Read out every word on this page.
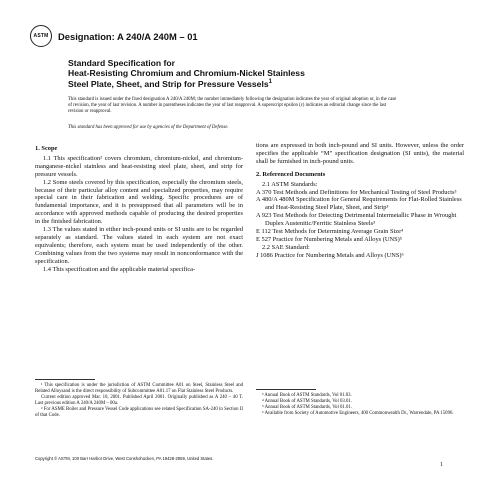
ASTM Designation: A 240/A 240M – 01
Standard Specification for
Heat-Resisting Chromium and Chromium-Nickel Stainless
Steel Plate, Sheet, and Strip for Pressure Vessels$^1$
This standard is issued under the fixed designation A 240/A 240M; the number immediately following the designation indicates the year of original adoption or, in the case of revision, the year of last revision. A number in parentheses indicates the year of last reapproval. A superscript epsilon (ε) indicates an editorial change since the last revision or reapproval.
This standard has been approved for use by agencies of the Department of Defense.
1. Scope

1.1 This specification² covers chromium, chromium-nickel, and chromium-manganese-nickel stainless and heat-resisting steel plate, sheet, and strip for pressure vessels.

1.2 Some steels covered by this specification, especially the chromium steels, because of their particular alloy content and specialized properties, may require special care in their fabrication and welding. Specific procedures are of fundamental importance, and it is presupposed that all parameters will be in accordance with approved methods capable of producing the desired properties in the finished fabrication.

1.3 The values stated in either inch-pound units or SI units are to be regarded separately as standard. The values stated in each system are not exact equivalents; therefore, each system must be used independently of the other. Combining values from the two systems may result in nonconformance with the specification.

1.4 This specification and the applicable material specifica-

tions are expressed in both inch-pound and SI units. However, unless the order specifies the applicable “M” specification designation (SI units), the material shall be furnished in inch-pound units.

2. Referenced Documents

2.1 ASTM Standards:

A 370 Test Methods and Definitions for Mechanical Testing of Steel Products³

A 480/A 480M Specification for General Requirements for Flat-Rolled Stainless and Heat-Resisting Steel Plate, Sheet, and Strip³

A 923 Test Methods for Detecting Detrimental Intermetallic Phase in Wrought Duplex Austenitic/Ferritic Stainless Steels³

E 112 Test Methods for Determining Average Grain Size⁴

E 527 Practice for Numbering Metals and Alloys (UNS)⁵

2.2 SAE Standard:

J 1086 Practice for Numbering Metals and Alloys (UNS)⁶

¹ This specification is under the jurisdiction of ASTM Committee A01 on Steel, Stainless Steel and Related Alloysand is the direct responsibility of Subcommittee A01.17 on Flat Stainless Steel Products.
Current edition approved Mar. 10, 2001. Published April 2001. Originally published as A 240 – 40 T. Last previous edition A 240/A 240M – 00a.
² For ASME Boiler and Pressure Vessel Code applications see related Specification SA-240 in Section II of that Code.
³ Annual Book of ASTM Standards, Vol 01.03.
⁴ Annual Book of ASTM Standards, Vol 03.01.
⁵ Annual Book of ASTM Standards, Vol 01.01.
⁶ Available from Society of Automotive Engineers, 400 Commonwealth Dr., Warrendale, PA 15096.
Copyright © ASTM, 100 Barr Harbor Drive, West Conshohocken, PA 19428-2959, United States.
1
